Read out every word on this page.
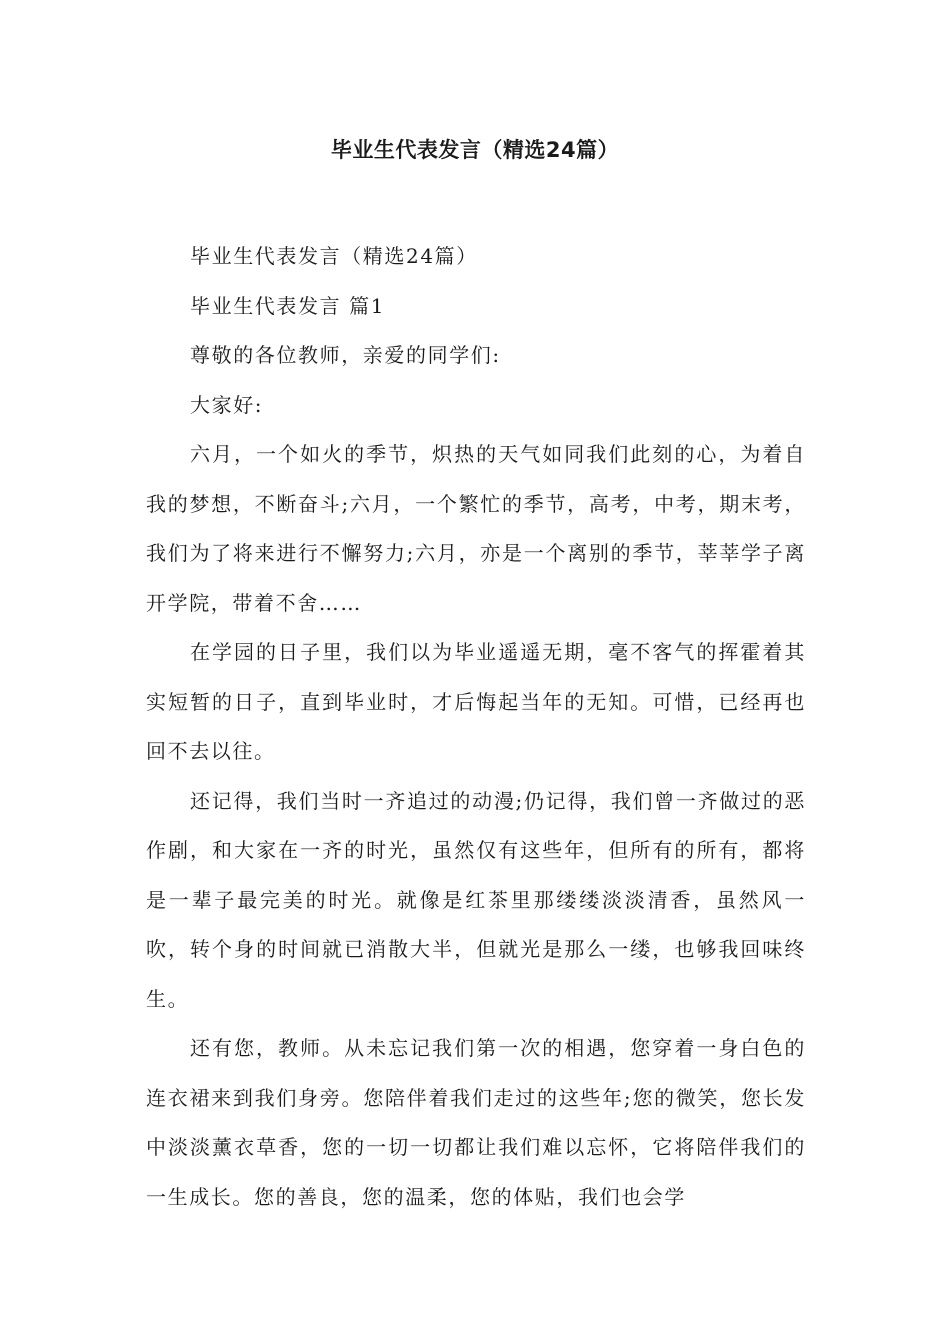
毕业生代表发言（精选24篇）

毕业生代表发言（精选24篇）

毕业生代表发言 篇1

尊敬的各位教师，亲爱的同学们:

大家好:

六月，一个如火的季节，炽热的天气如同我们此刻的心，为着自我的梦想，不断奋斗;六月，一个繁忙的季节，高考，中考，期末考，我们为了将来进行不懈努力;六月，亦是一个离别的季节，莘莘学子离开学院，带着不舍……

在学园的日子里，我们以为毕业遥遥无期，毫不客气的挥霍着其实短暂的日子，直到毕业时，才后悔起当年的无知。可惜，已经再也回不去以往。

还记得，我们当时一齐追过的动漫;仍记得，我们曾一齐做过的恶作剧，和大家在一齐的时光，虽然仅有这些年，但所有的所有，都将是一辈子最完美的时光。就像是红茶里那缕缕淡淡清香，虽然风一吹，转个身的时间就已消散大半，但就光是那么一缕，也够我回味终生。

还有您，教师。从未忘记我们第一次的相遇，您穿着一身白色的连衣裙来到我们身旁。您陪伴着我们走过的这些年;您的微笑，您长发中淡淡薰衣草香，您的一切一切都让我们难以忘怀，它将陪伴我们的一生成长。您的善良，您的温柔，您的体贴，我们也会学
